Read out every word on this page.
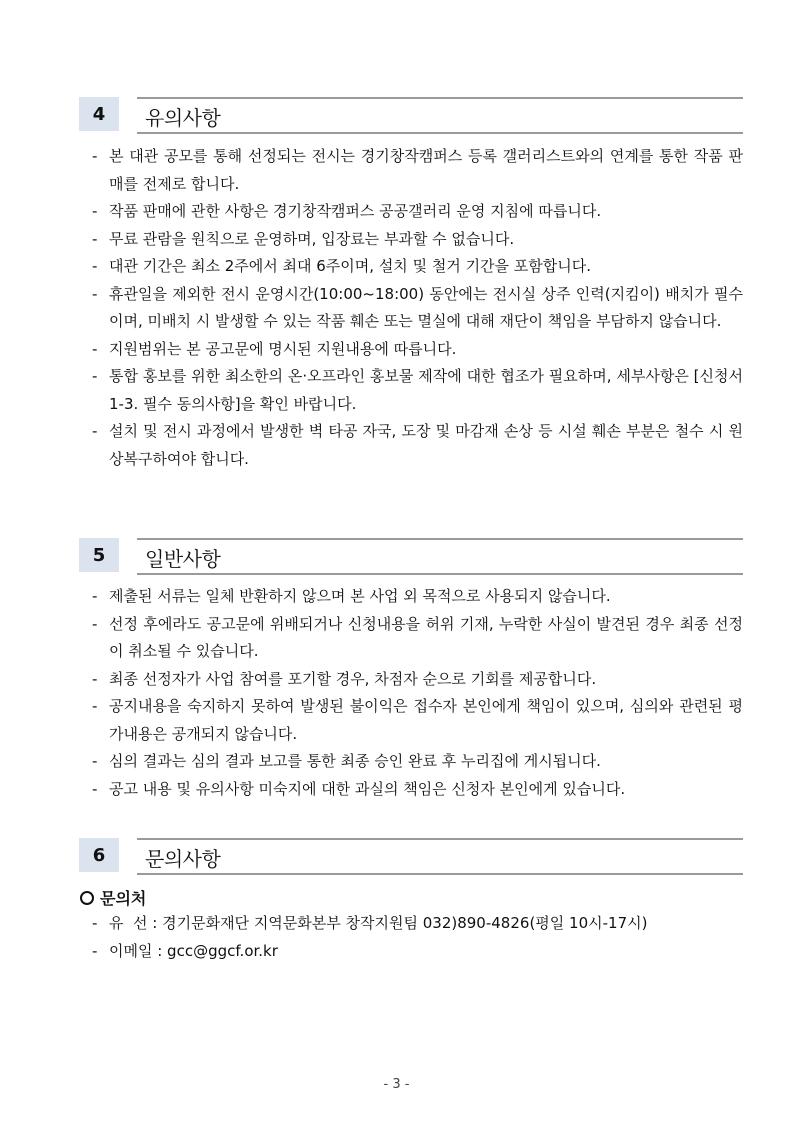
4	유의사항
- 본 대관 공모를 통해 선정되는 전시는 경기창작캠퍼스 등록 갤러리스트와의 연계를 통한 작품 판매를 전제로 합니다.
- 작품 판매에 관한 사항은 경기창작캠퍼스 공공갤러리 운영 지침에 따릅니다.
- 무료 관람을 원칙으로 운영하며, 입장료는 부과할 수 없습니다.
- 대관 기간은 최소 2주에서 최대 6주이며, 설치 및 철거 기간을 포함합니다.
- 휴관일을 제외한 전시 운영시간(10:00~18:00) 동안에는 전시실 상주 인력(지킴이) 배치가 필수이며, 미배치 시 발생할 수 있는 작품 훼손 또는 멸실에 대해 재단이 책임을 부담하지 않습니다.
- 지원범위는 본 공고문에 명시된 지원내용에 따릅니다.
- 통합 홍보를 위한 최소한의 온·오프라인 홍보물 제작에 대한 협조가 필요하며, 세부사항은 [신청서 1-3. 필수 동의사항]을 확인 바랍니다.
- 설치 및 전시 과정에서 발생한 벽 타공 자국, 도장 및 마감재 손상 등 시설 훼손 부분은 철수 시 원상복구하여야 합니다.
5	일반사항
- 제출된 서류는 일체 반환하지 않으며 본 사업 외 목적으로 사용되지 않습니다.
- 선정 후에라도 공고문에 위배되거나 신청내용을 허위 기재, 누락한 사실이 발견된 경우 최종 선정이 취소될 수 있습니다.
- 최종 선정자가 사업 참여를 포기할 경우, 차점자 순으로 기회를 제공합니다.
- 공지내용을 숙지하지 못하여 발생된 불이익은 접수자 본인에게 책임이 있으며, 심의와 관련된 평가내용은 공개되지 않습니다.
- 심의 결과는 심의 결과 보고를 통한 최종 승인 완료 후 누리집에 게시됩니다.
- 공고 내용 및 유의사항 미숙지에 대한 과실의 책임은 신청자 본인에게 있습니다.
6	문의사항
문의처
- 유  선 : 경기문화재단 지역문화본부 창작지원팀 032)890-4826(평일 10시-17시)
- 이메일 : gcc@ggcf.or.kr
- 3 -
